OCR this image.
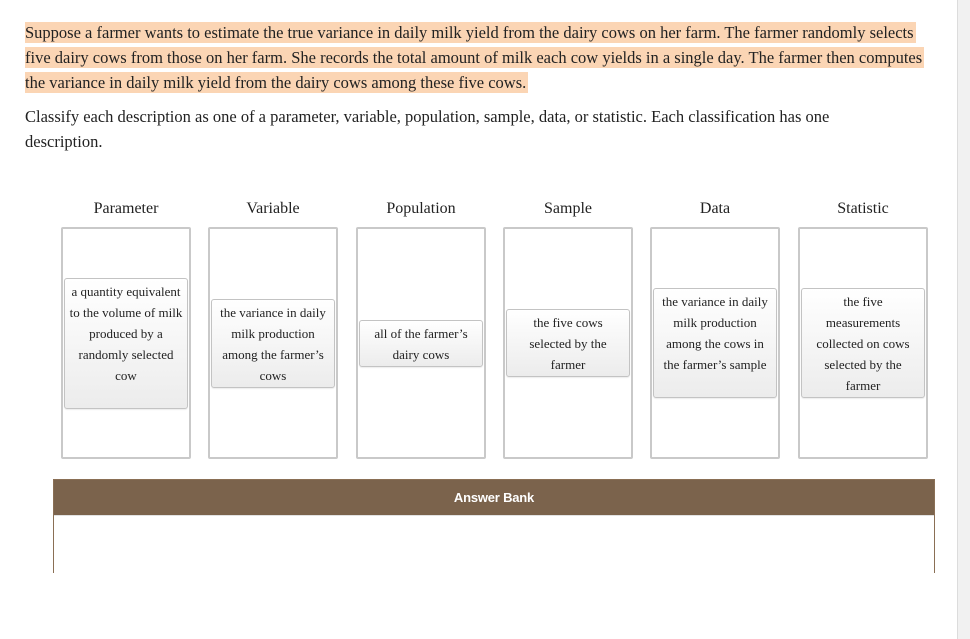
Suppose a farmer wants to estimate the true variance in daily milk yield from the dairy cows on her farm. The farmer randomly selects five dairy cows from those on her farm. She records the total amount of milk each cow yields in a single day. The farmer then computes the variance in daily milk yield from the dairy cows among these five cows.
Classify each description as one of a parameter, variable, population, sample, data, or statistic. Each classification has one description.
Parameter
a quantity equivalent to the volume of milk produced by a randomly selected cow
Variable
the variance in daily milk production among the farmer’s cows
Population
all of the farmer’s dairy cows
Sample
the five cows selected by the farmer
Data
the variance in daily milk production among the cows in the farmer’s sample
Statistic
the five measurements collected on cows selected by the farmer
Answer Bank
